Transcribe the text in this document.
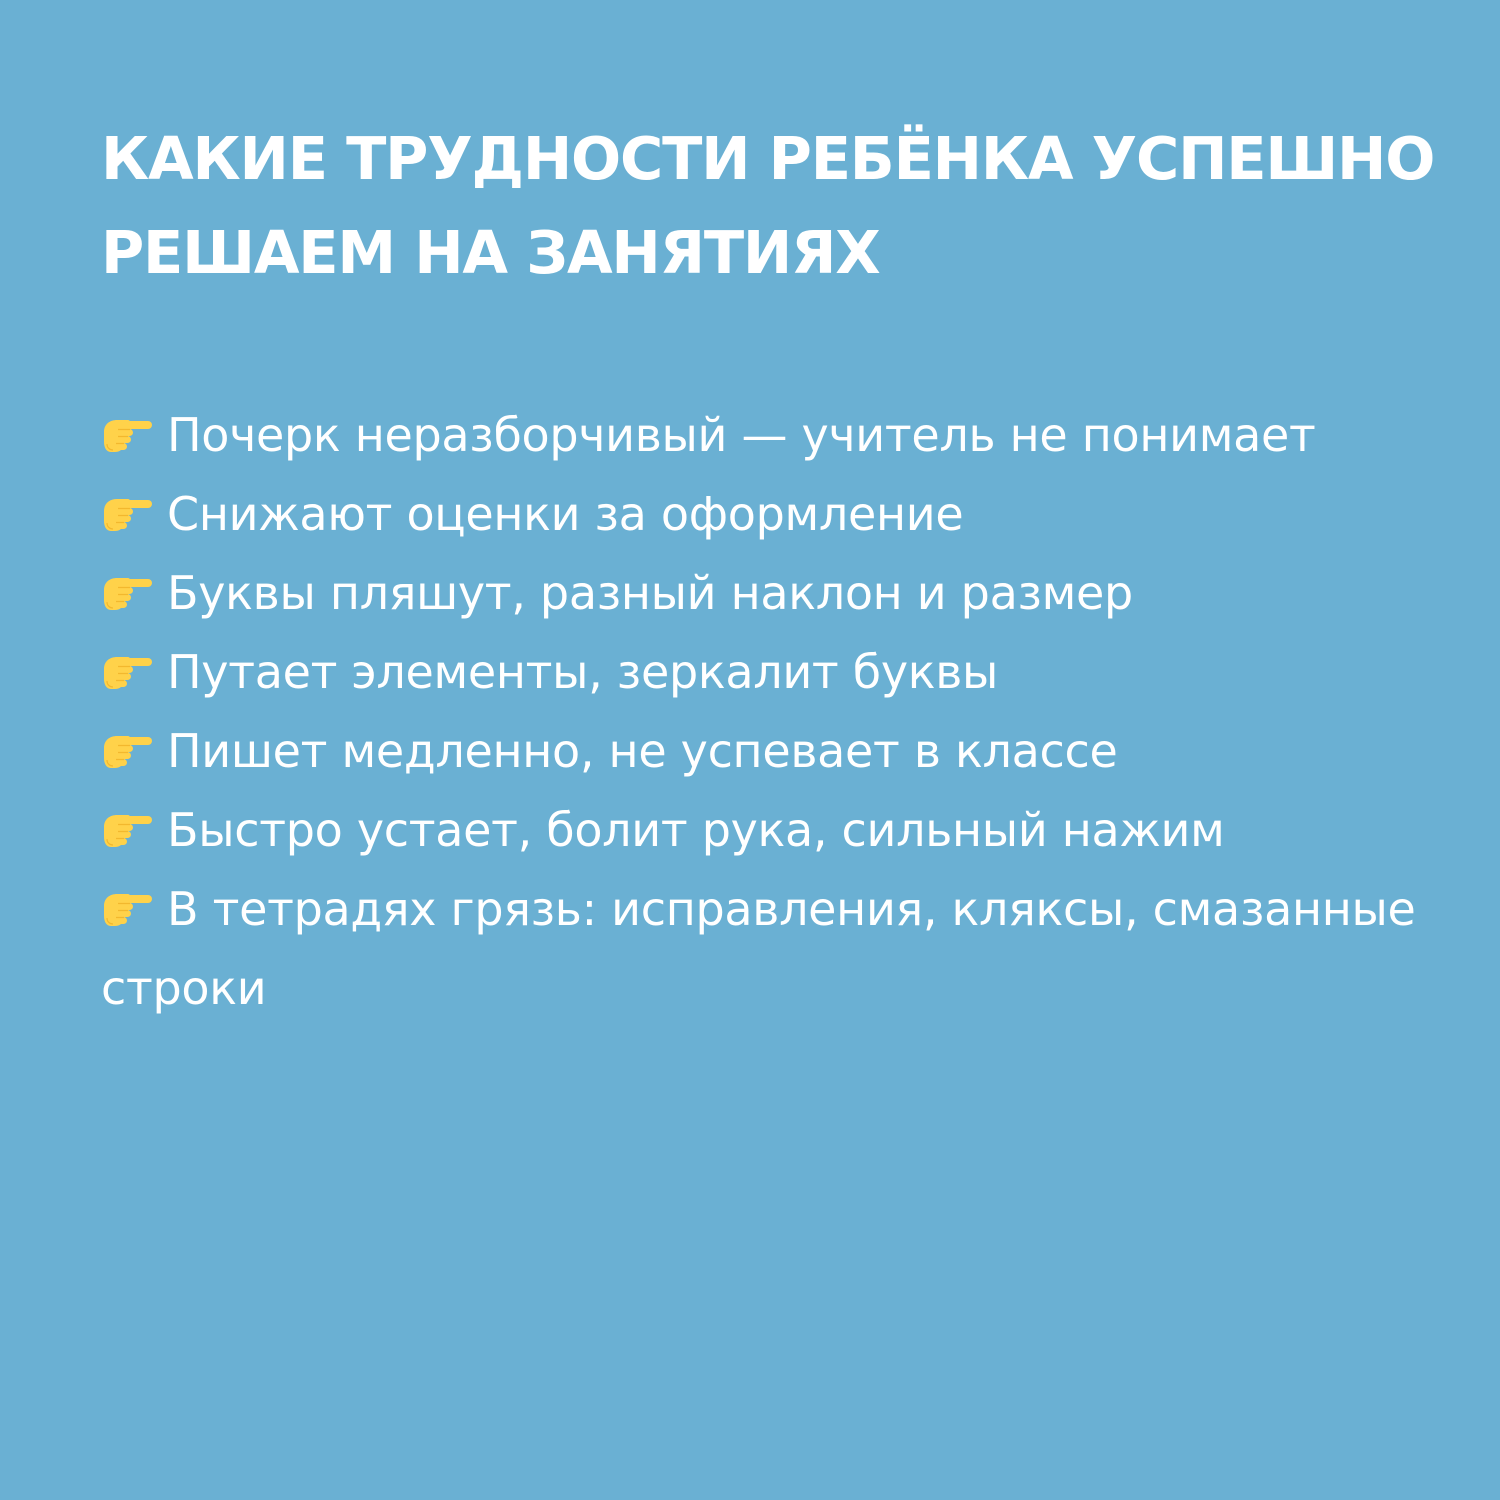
КАКИЕ ТРУДНОСТИ РЕБЁНКА УСПЕШНО
РЕШАЕМ НА ЗАНЯТИЯХ
Почерк неразборчивый — учитель не понимает
Снижают оценки за оформление
Буквы пляшут, разный наклон и размер
Путает элементы, зеркалит буквы
Пишет медленно, не успевает в классе
Быстро устает, болит рука, сильный нажим
В тетрадях грязь: исправления, кляксы, смазанные строки
